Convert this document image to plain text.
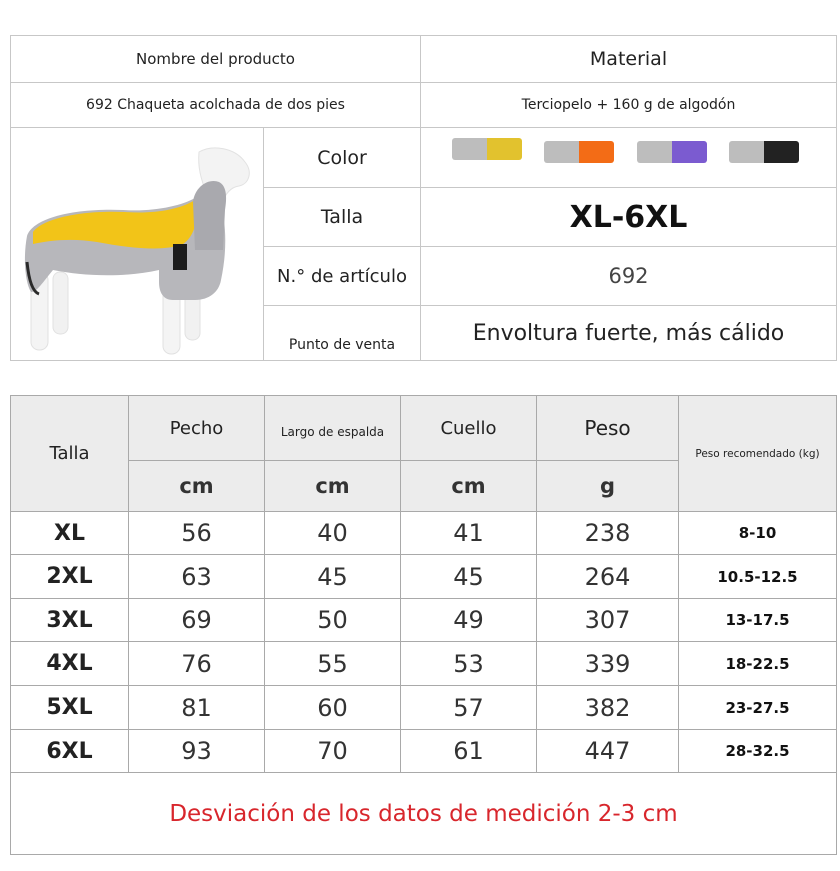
Nombre del producto	Material
692 Chaqueta acolchada de dos pies	Terciopelo + 160 g de algodón
Color
Talla	XL-6XL
N.° de artículo	692
Punto de venta	Envoltura fuerte, más cálido
Talla
Pecho	Largo de espalda	Cuello	Peso
Peso recomendado (kg)
cm	cm	cm	g
XL	56	40	41	238	8-10
2XL	63	45	45	264	10.5-12.5
3XL	69	50	49	307	13-17.5
4XL	76	55	53	339	18-22.5
5XL	81	60	57	382	23-27.5
6XL	93	70	61	447	28-32.5
Desviación de los datos de medición 2-3 cm
